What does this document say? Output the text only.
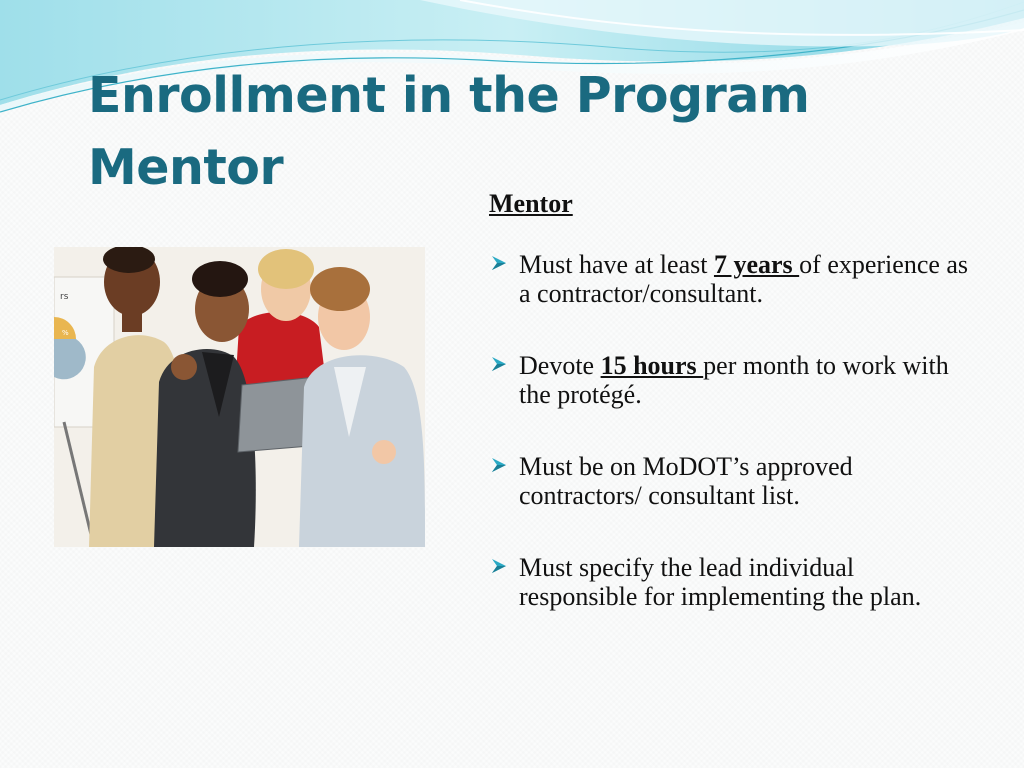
Enrollment in the Program
Mentor
rs
%

Mentor

Must have at least 7 years of experience as a contractor/consultant.
Devote 15 hours per month to work with the protégé.
Must be on MoDOT’s approved contractors/ consultant list.
Must specify the lead individual responsible for implementing the plan.
